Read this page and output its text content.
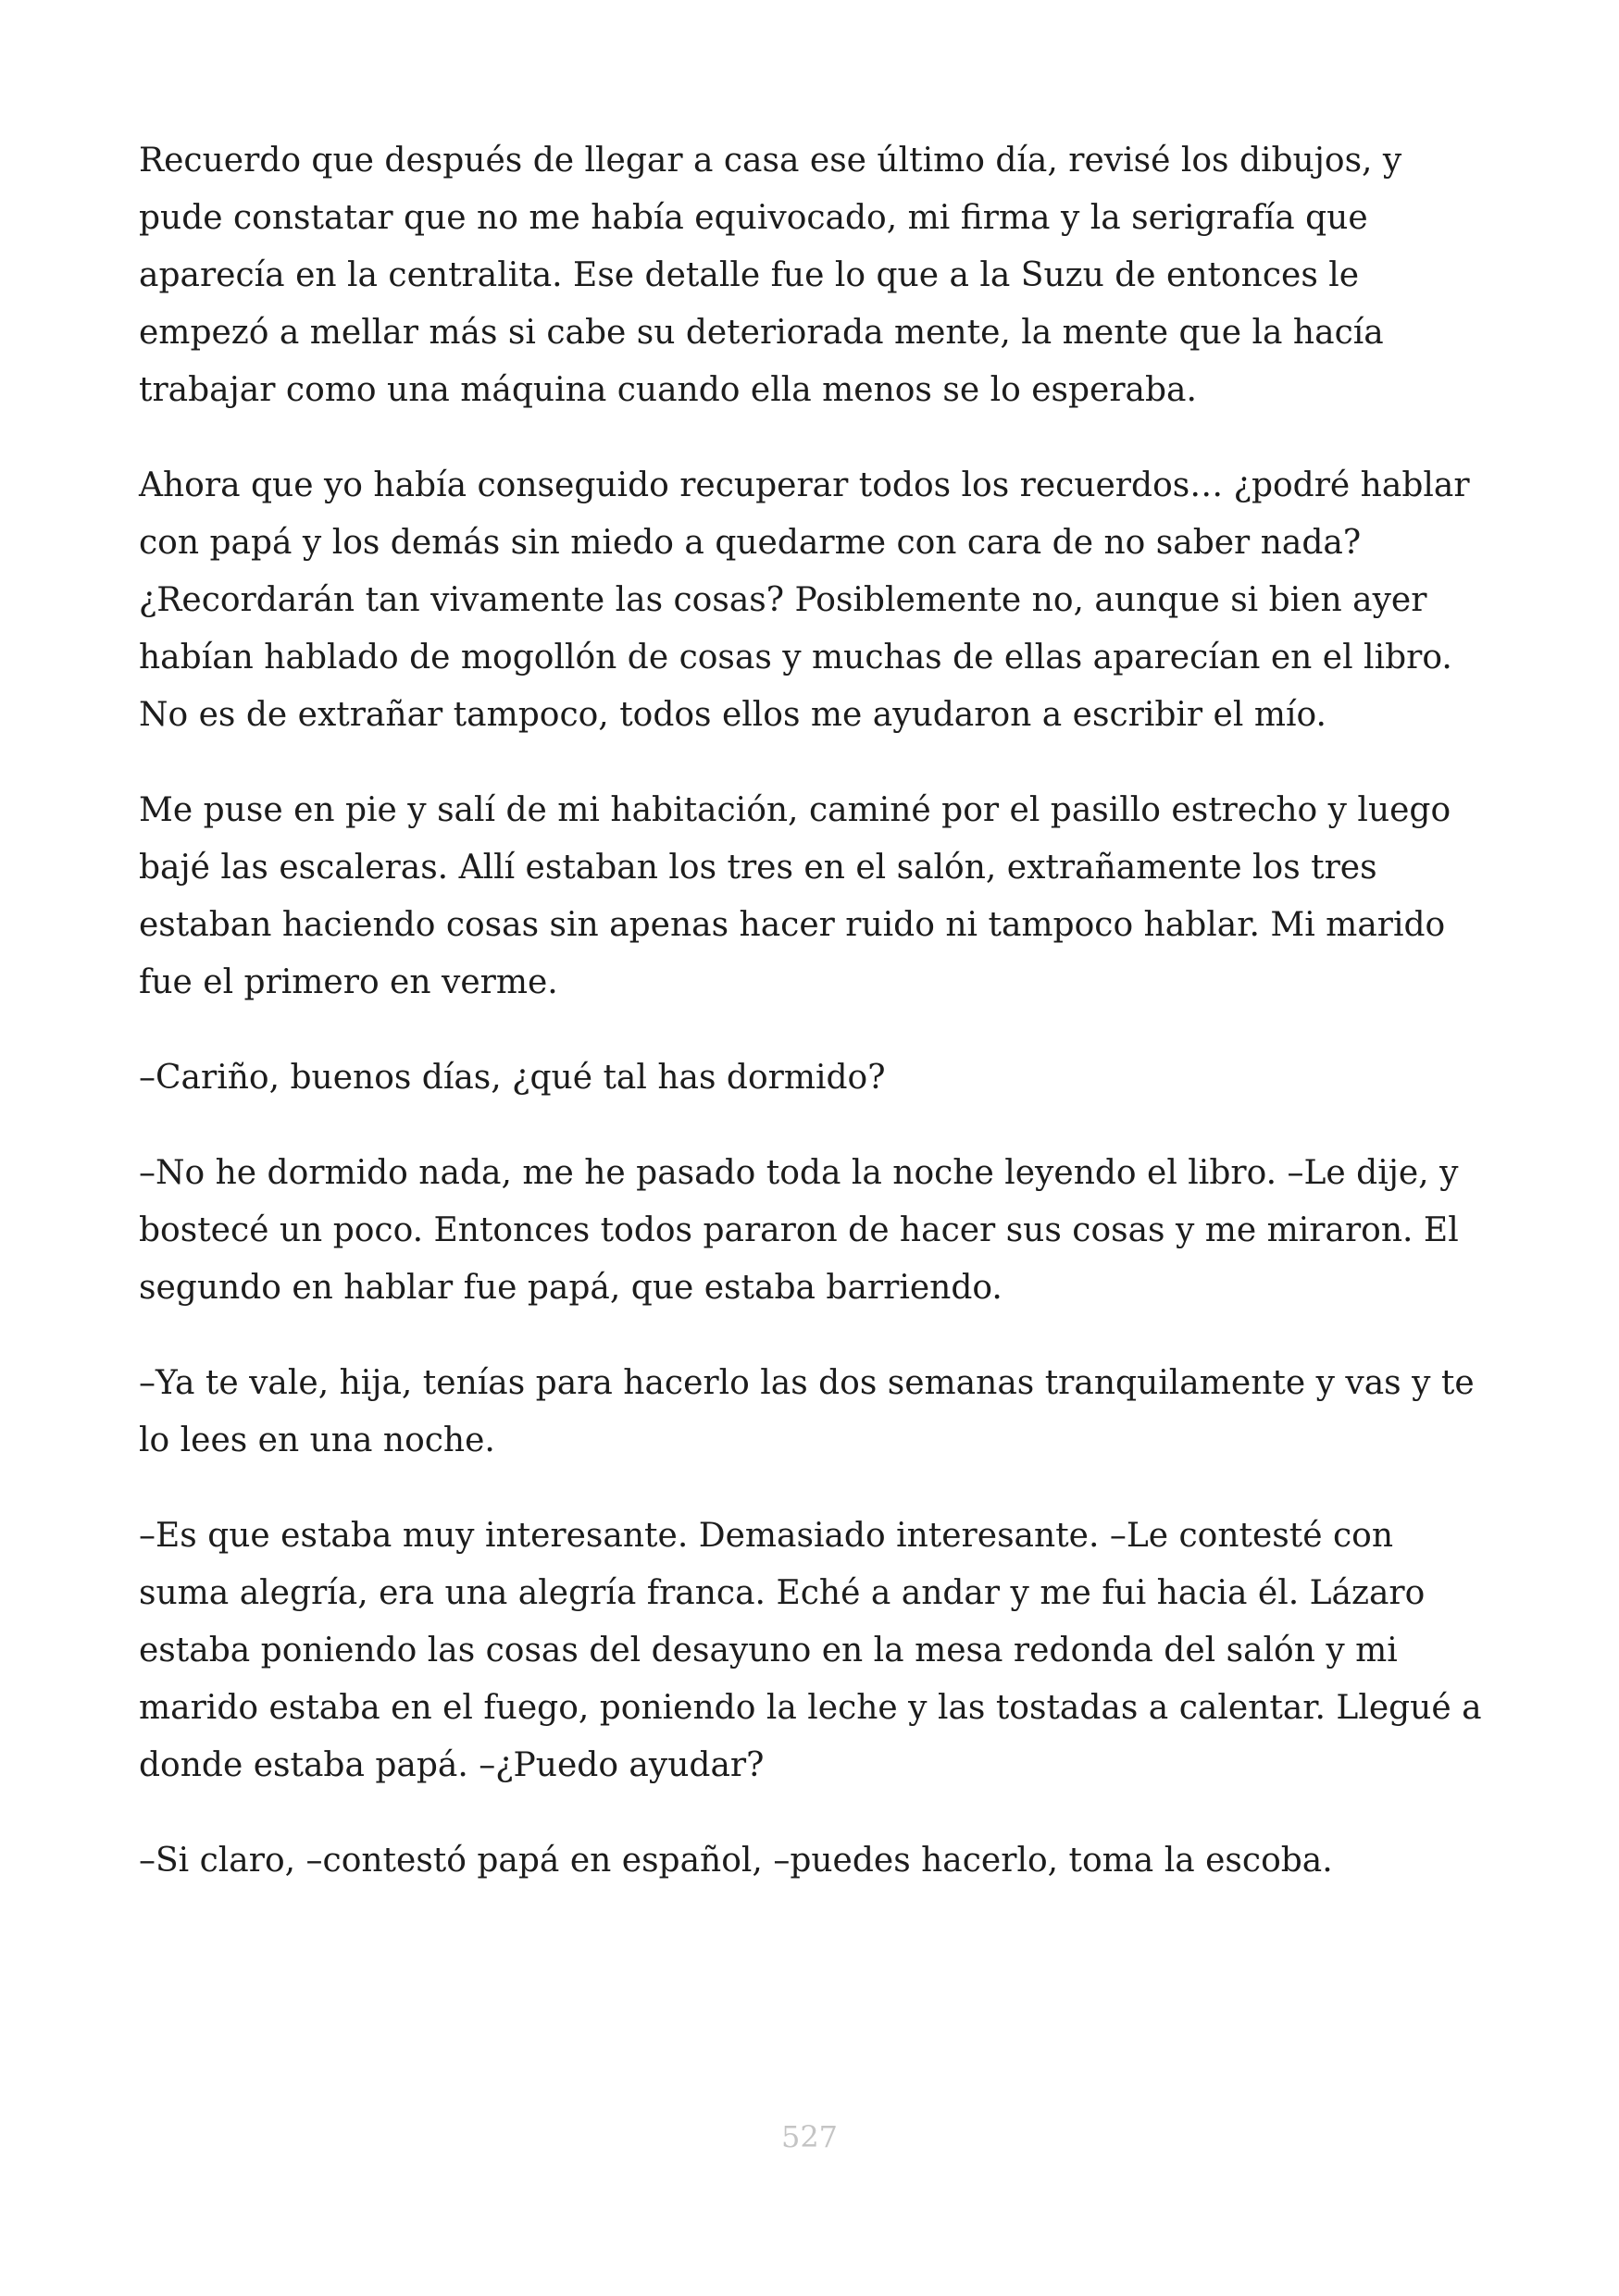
Recuerdo que después de llegar a casa ese último día, revisé los dibujos, y pude constatar que no me había equivocado, mi firma y la serigrafía que aparecía en la centralita. Ese detalle fue lo que a la Suzu de entonces le empezó a mellar más si cabe su deteriorada mente, la mente que la hacía trabajar como una máquina cuando ella menos se lo esperaba.

Ahora que yo había conseguido recuperar todos los recuerdos… ¿podré hablar con papá y los demás sin miedo a quedarme con cara de no saber nada? ¿Recordarán tan vivamente las cosas? Posiblemente no, aunque si bien ayer habían hablado de mogollón de cosas y muchas de ellas aparecían en el libro. No es de extrañar tampoco, todos ellos me ayudaron a escribir el mío.

Me puse en pie y salí de mi habitación, caminé por el pasillo estrecho y luego bajé las escaleras. Allí estaban los tres en el salón, extrañamente los tres estaban haciendo cosas sin apenas hacer ruido ni tampoco hablar. Mi marido fue el primero en verme.

–Cariño, buenos días, ¿qué tal has dormido?

–No he dormido nada, me he pasado toda la noche leyendo el libro. –Le dije, y bostecé un poco. Entonces todos pararon de hacer sus cosas y me miraron. El segundo en hablar fue papá, que estaba barriendo.

–Ya te vale, hija, tenías para hacerlo las dos semanas tranquilamente y vas y te lo lees en una noche.

–Es que estaba muy interesante. Demasiado interesante. –Le contesté con suma alegría, era una alegría franca. Eché a andar y me fui hacia él. Lázaro estaba poniendo las cosas del desayuno en la mesa redonda del salón y mi marido estaba en el fuego, poniendo la leche y las tostadas a calentar. Llegué a donde estaba papá. –¿Puedo ayudar?

–Si claro, –contestó papá en español, –puedes hacerlo, toma la escoba.

527
